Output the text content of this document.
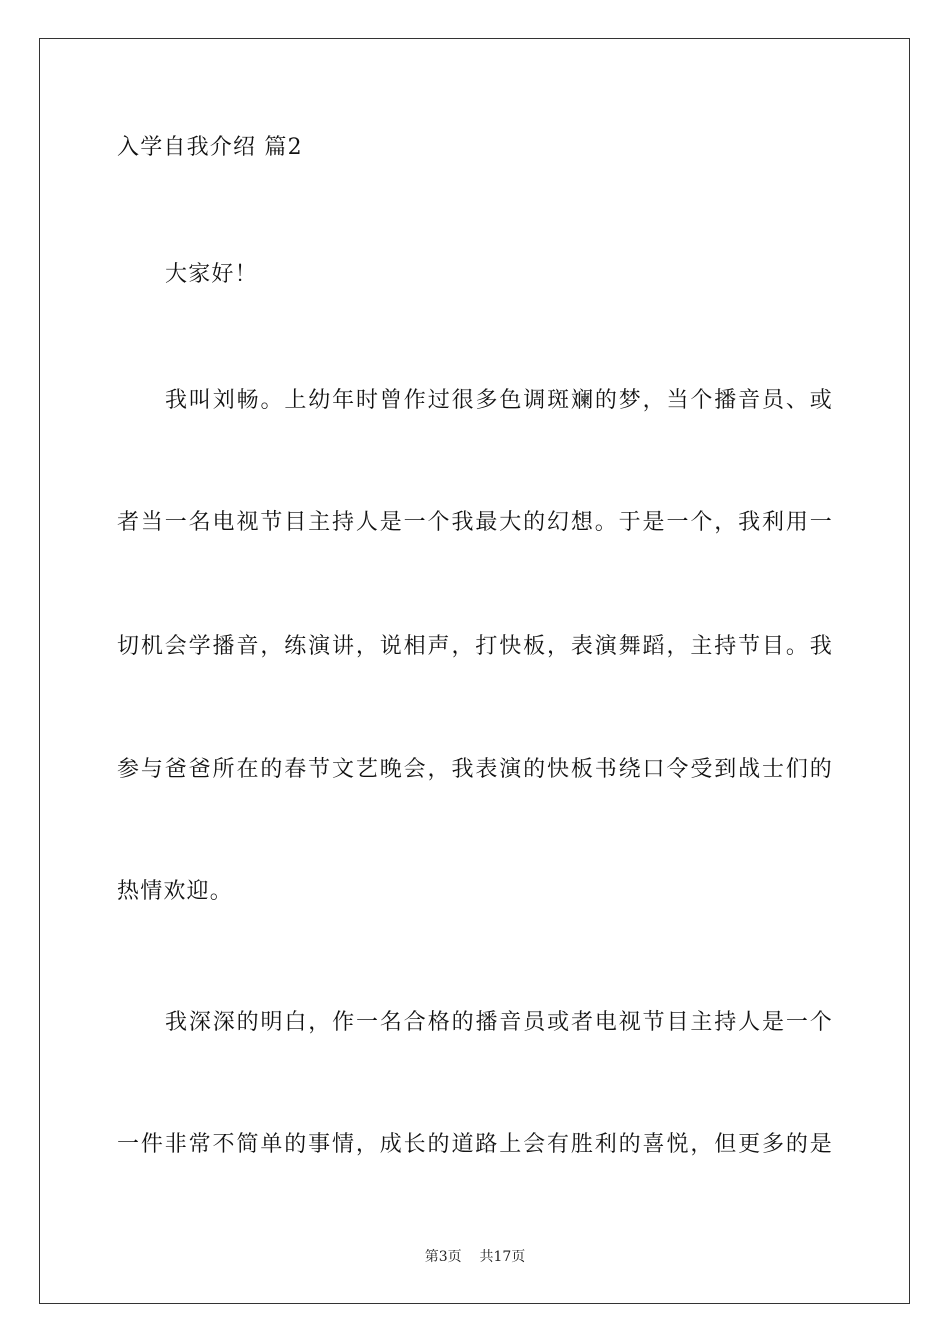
入学自我介绍 篇2
大家好！
我叫刘畅。上幼年时曾作过很多色调斑斓的梦，当个播音员、或
者当一名电视节目主持人是一个我最大的幻想。于是一个，我利用一
切机会学播音，练演讲，说相声，打快板，表演舞蹈，主持节目。我
参与爸爸所在的春节文艺晚会，我表演的快板书绕口令受到战士们的
热情欢迎。
我深深的明白，作一名合格的播音员或者电视节目主持人是一个
一件非常不简单的事情，成长的道路上会有胜利的喜悦，但更多的是
第3页 共17页
